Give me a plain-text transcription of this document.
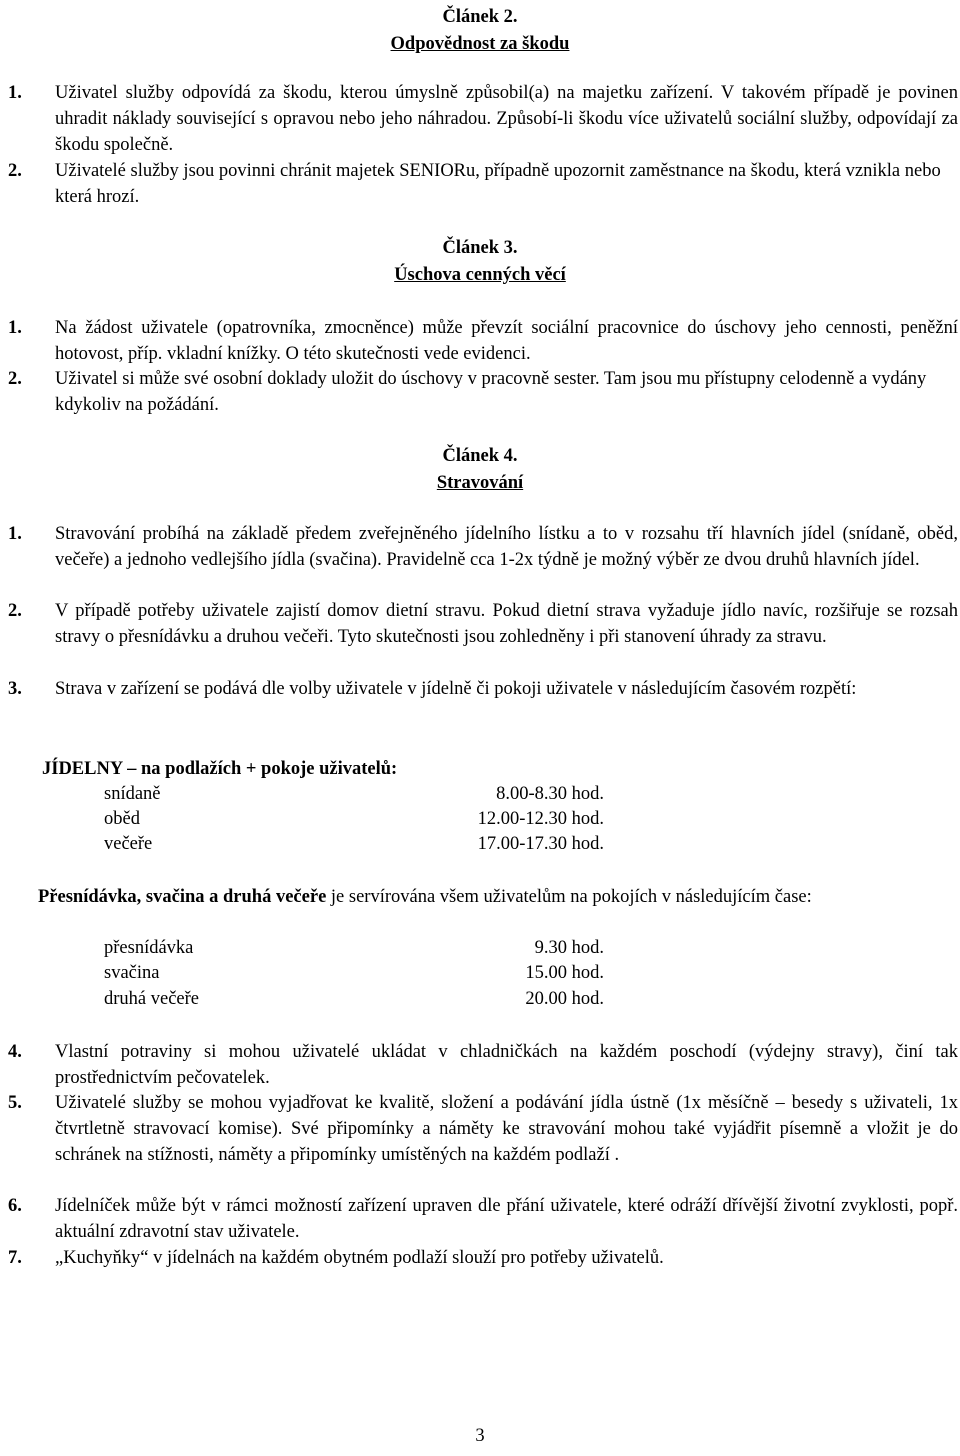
Článek 2.
Odpovědnost za škodu
1. Uživatel služby odpovídá za škodu, kterou úmyslně způsobil(a) na majetku zařízení. V takovém případě je povinen uhradit náklady související s opravou nebo jeho náhradou. Způsobí-li škodu více uživatelů sociální služby, odpovídají za škodu společně.
2. Uživatelé služby jsou povinni chránit majetek SENIORu, případně upozornit zaměstnance na škodu, která vznikla nebo která hrozí.
Článek 3.
Úschova cenných věcí
1. Na žádost uživatele (opatrovníka, zmocněnce) může převzít sociální pracovnice do úschovy jeho cennosti, peněžní hotovost, příp. vkladní knížky. O této skutečnosti vede evidenci.
2. Uživatel si může své osobní doklady uložit do úschovy v pracovně sester. Tam jsou mu přístupny celodenně a vydány kdykoliv na požádání.
Článek 4.
Stravování
1. Stravování probíhá na základě předem zveřejněného jídelního lístku a to v rozsahu tří hlavních jídel (snídaně, oběd, večeře) a jednoho vedlejšího jídla (svačina). Pravidelně cca 1-2x týdně je možný výběr ze dvou druhů hlavních jídel.
2. V případě potřeby uživatele zajistí domov dietní stravu. Pokud dietní strava vyžaduje jídlo navíc, rozšiřuje se rozsah stravy o přesnídávku a druhou večeři. Tyto skutečnosti jsou zohledněny i při stanovení úhrady za stravu.
3. Strava v zařízení se podává dle volby uživatele v jídelně či pokoji uživatele v následujícím časovém rozpětí:
JÍDELNY – na podlažích + pokoje uživatelů:
snídaně	8.00-8.30 hod.
oběd	12.00-12.30 hod.
večeře	17.00-17.30 hod.
Přesnídávka, svačina a druhá večeře je servírována všem uživatelům na pokojích v následujícím čase:
přesnídávka	9.30 hod.
svačina	15.00 hod.
druhá večeře	20.00 hod.
4. Vlastní potraviny si mohou uživatelé ukládat v chladničkách na každém poschodí (výdejny stravy), činí tak prostřednictvím pečovatelek.
5. Uživatelé služby se mohou vyjadřovat ke kvalitě, složení a podávání jídla ústně (1x měsíčně – besedy s uživateli, 1x čtvrtletně stravovací komise). Své připomínky a náměty ke stravování mohou také vyjádřit písemně a vložit je do schránek na stížnosti, náměty a připomínky umístěných na každém podlaží .
6. Jídelníček může být v rámci možností zařízení upraven dle přání uživatele, které odráží dřívější životní zvyklosti, popř. aktuální zdravotní stav uživatele.
7. „Kuchyňky“ v jídelnách na každém obytném podlaží slouží pro potřeby uživatelů.
3
